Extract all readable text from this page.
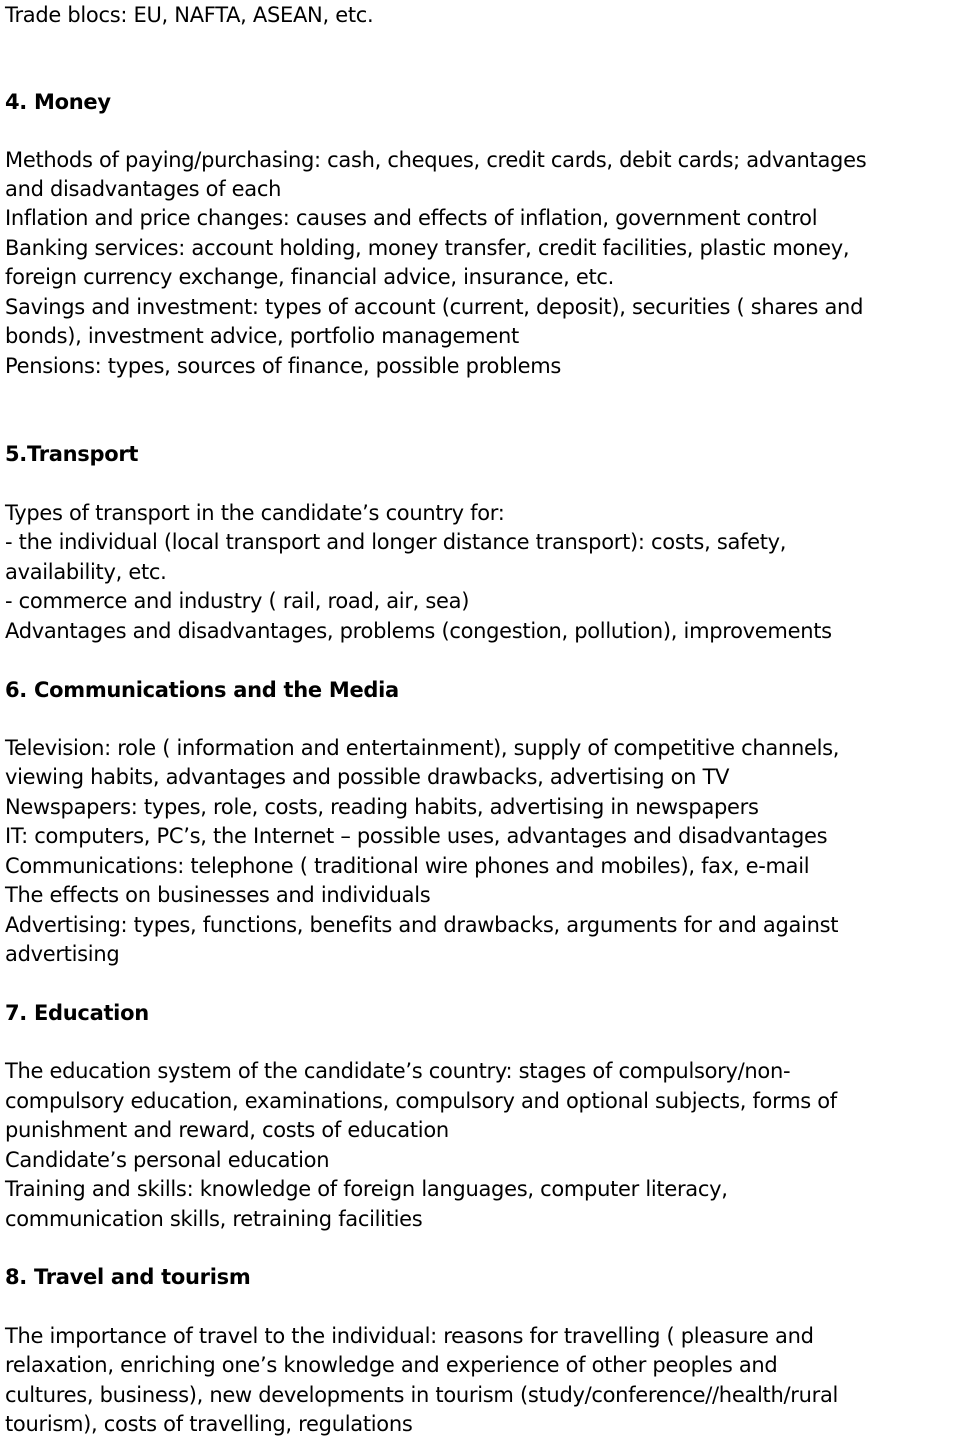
Trade blocs: EU, NAFTA, ASEAN, etc.
4. Money
Methods of paying/purchasing: cash, cheques, credit cards, debit cards; advantages
and disadvantages of each
Inflation and price changes: causes and effects of inflation, government control
Banking services: account holding, money transfer, credit facilities, plastic money,
foreign currency exchange, financial advice, insurance, etc.
Savings and investment: types of account (current, deposit), securities ( shares and
bonds), investment advice, portfolio management
Pensions: types, sources of finance, possible problems
5.Transport
Types of transport in the candidate’s country for:
- the individual (local transport and longer distance transport): costs, safety,
availability, etc.
- commerce and industry ( rail, road, air, sea)
Advantages and disadvantages, problems (congestion, pollution), improvements
6. Communications and the Media
Television: role ( information and entertainment), supply of competitive channels,
viewing habits, advantages and possible drawbacks, advertising on TV
Newspapers: types, role, costs, reading habits, advertising in newspapers
IT: computers, PC’s, the Internet – possible uses, advantages and disadvantages
Communications: telephone ( traditional wire phones and mobiles), fax, e-mail
The effects on businesses and individuals
Advertising: types, functions, benefits and drawbacks, arguments for and against
advertising
7. Education
The education system of the candidate’s country: stages of compulsory/non-
compulsory education, examinations, compulsory and optional subjects, forms of
punishment and reward, costs of education
Candidate’s personal education
Training and skills: knowledge of foreign languages, computer literacy,
communication skills, retraining facilities
8. Travel and tourism
The importance of travel to the individual: reasons for travelling ( pleasure and
relaxation, enriching one’s knowledge and experience of other peoples and
cultures, business), new developments in tourism (study/conference//health/rural
tourism), costs of travelling, regulations
